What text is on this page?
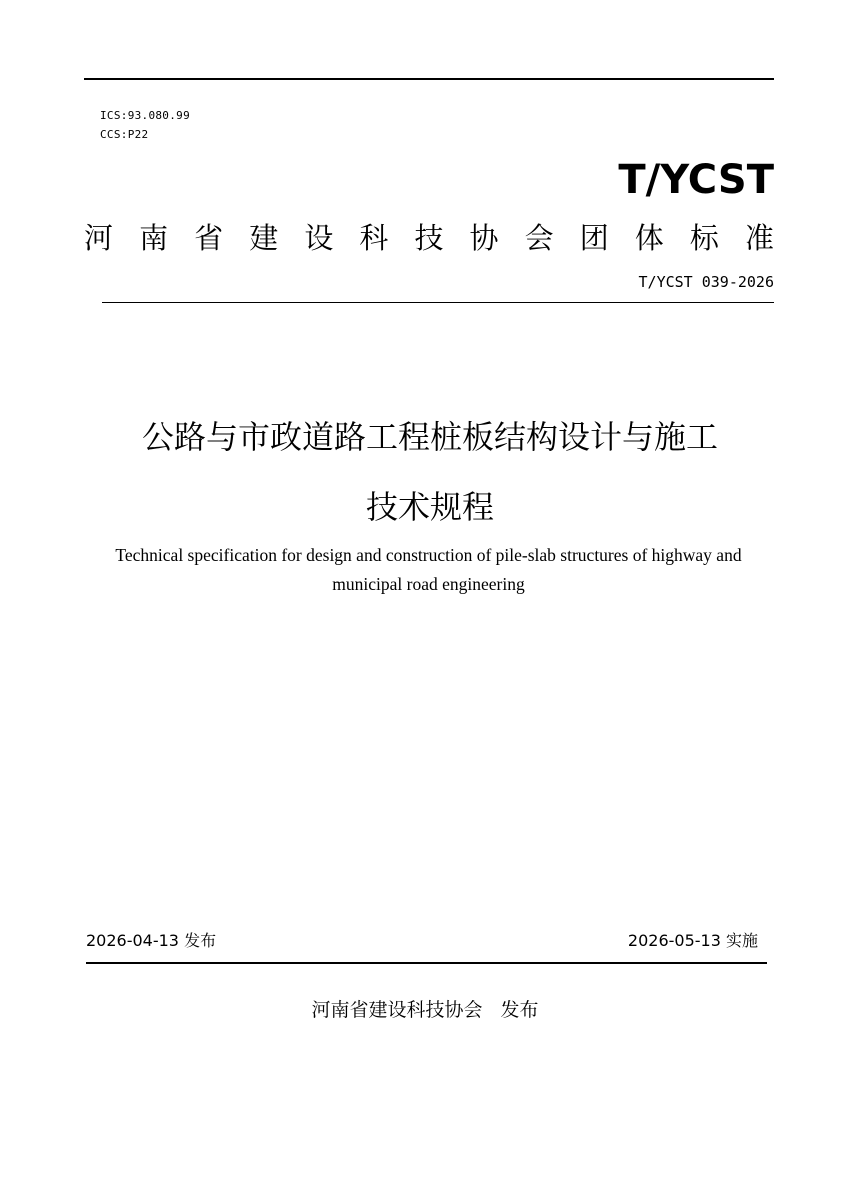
ICS:93.080.99
CCS:P22
T/YCST
河 南 省 建 设 科 技 协 会 团 体 标 准
T/YCST 039-2026
公路与市政道路工程桩板结构设计与施工
技术规程
Technical specification for design and construction of pile-slab structures of highway and municipal road engineering
2026-04-13 发布	2026-05-13 实施
河南省建设科技协会   发布
